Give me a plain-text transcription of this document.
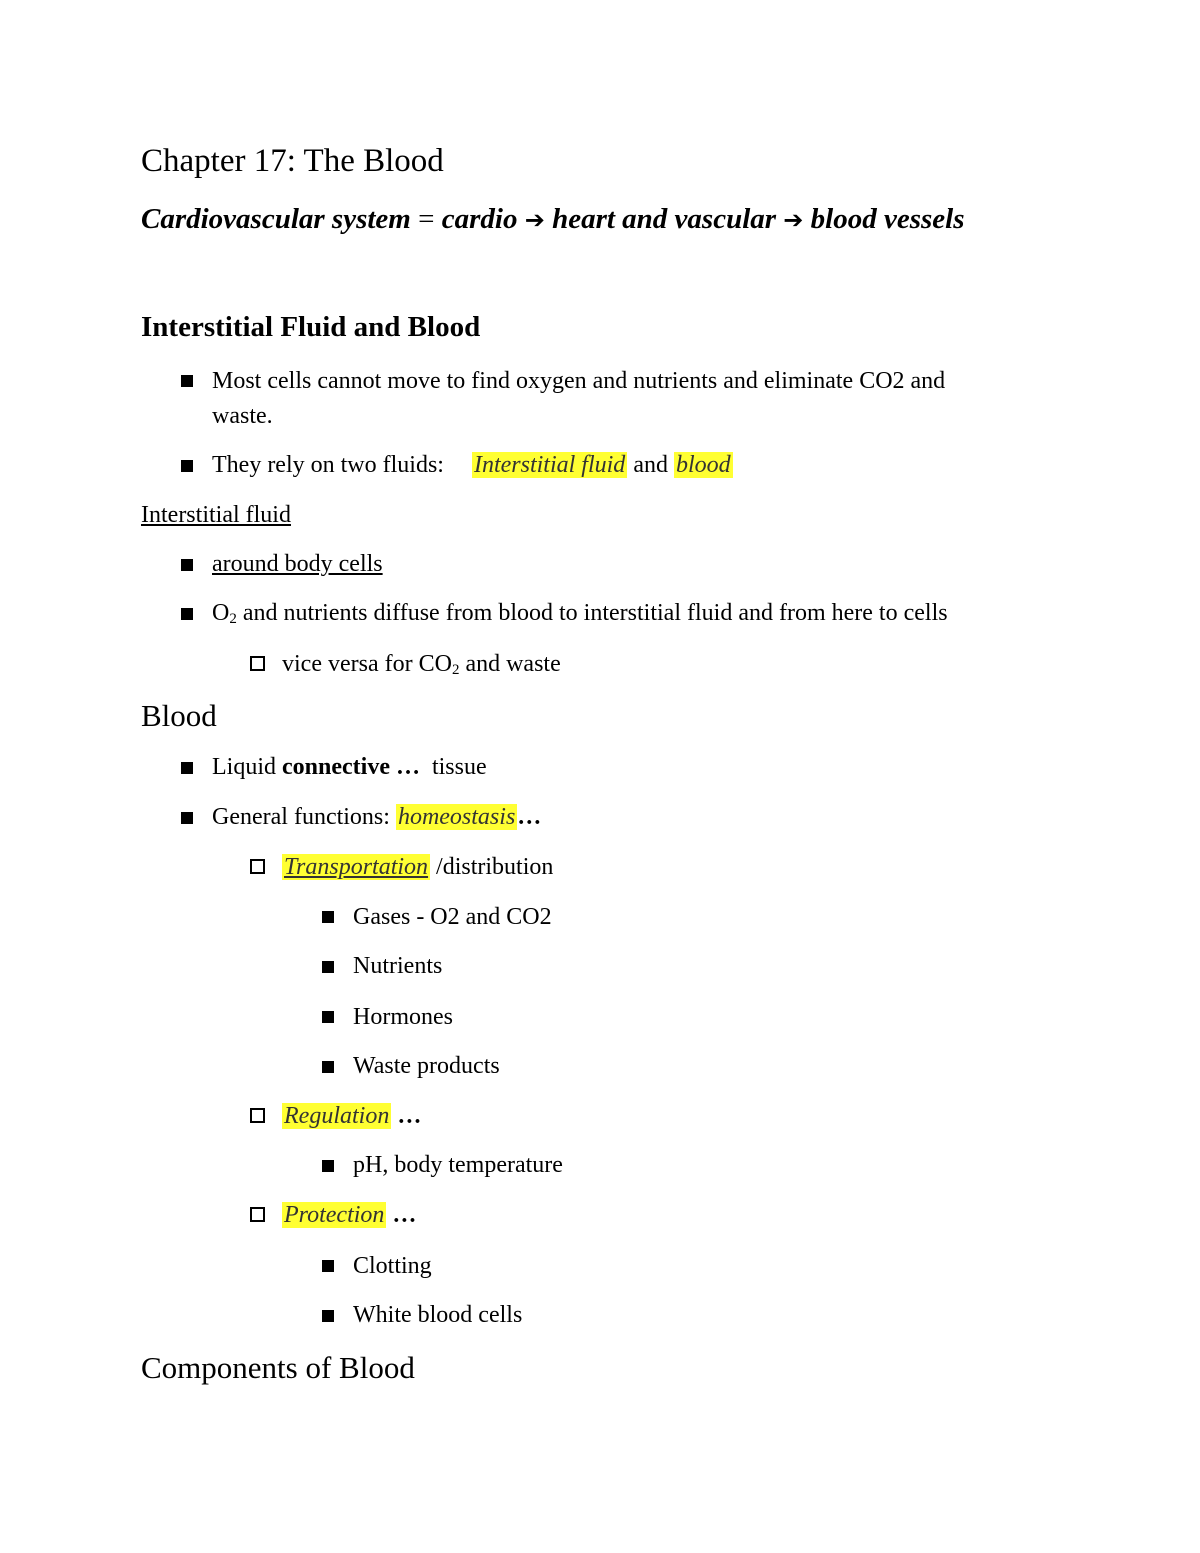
Chapter 17: The Blood
Cardiovascular system = cardio ➔ heart and vascular ➔ blood vessels
Interstitial Fluid and Blood
Most cells cannot move to find oxygen and nutrients and eliminate CO2 and
waste.
They rely on two fluids: Interstitial fluid and blood
Interstitial fluid
around body cells
$O_2$ and nutrients diffuse from blood to interstitial fluid and from here to cells
vice versa for $CO_2$ and waste
Blood
Liquid connective … tissue
General functions: homeostasis…
Transportation /distribution
Gases - O2 and CO2
Nutrients
Hormones
Waste products
Regulation …
pH, body temperature
Protection …
Clotting
White blood cells
Components of Blood
